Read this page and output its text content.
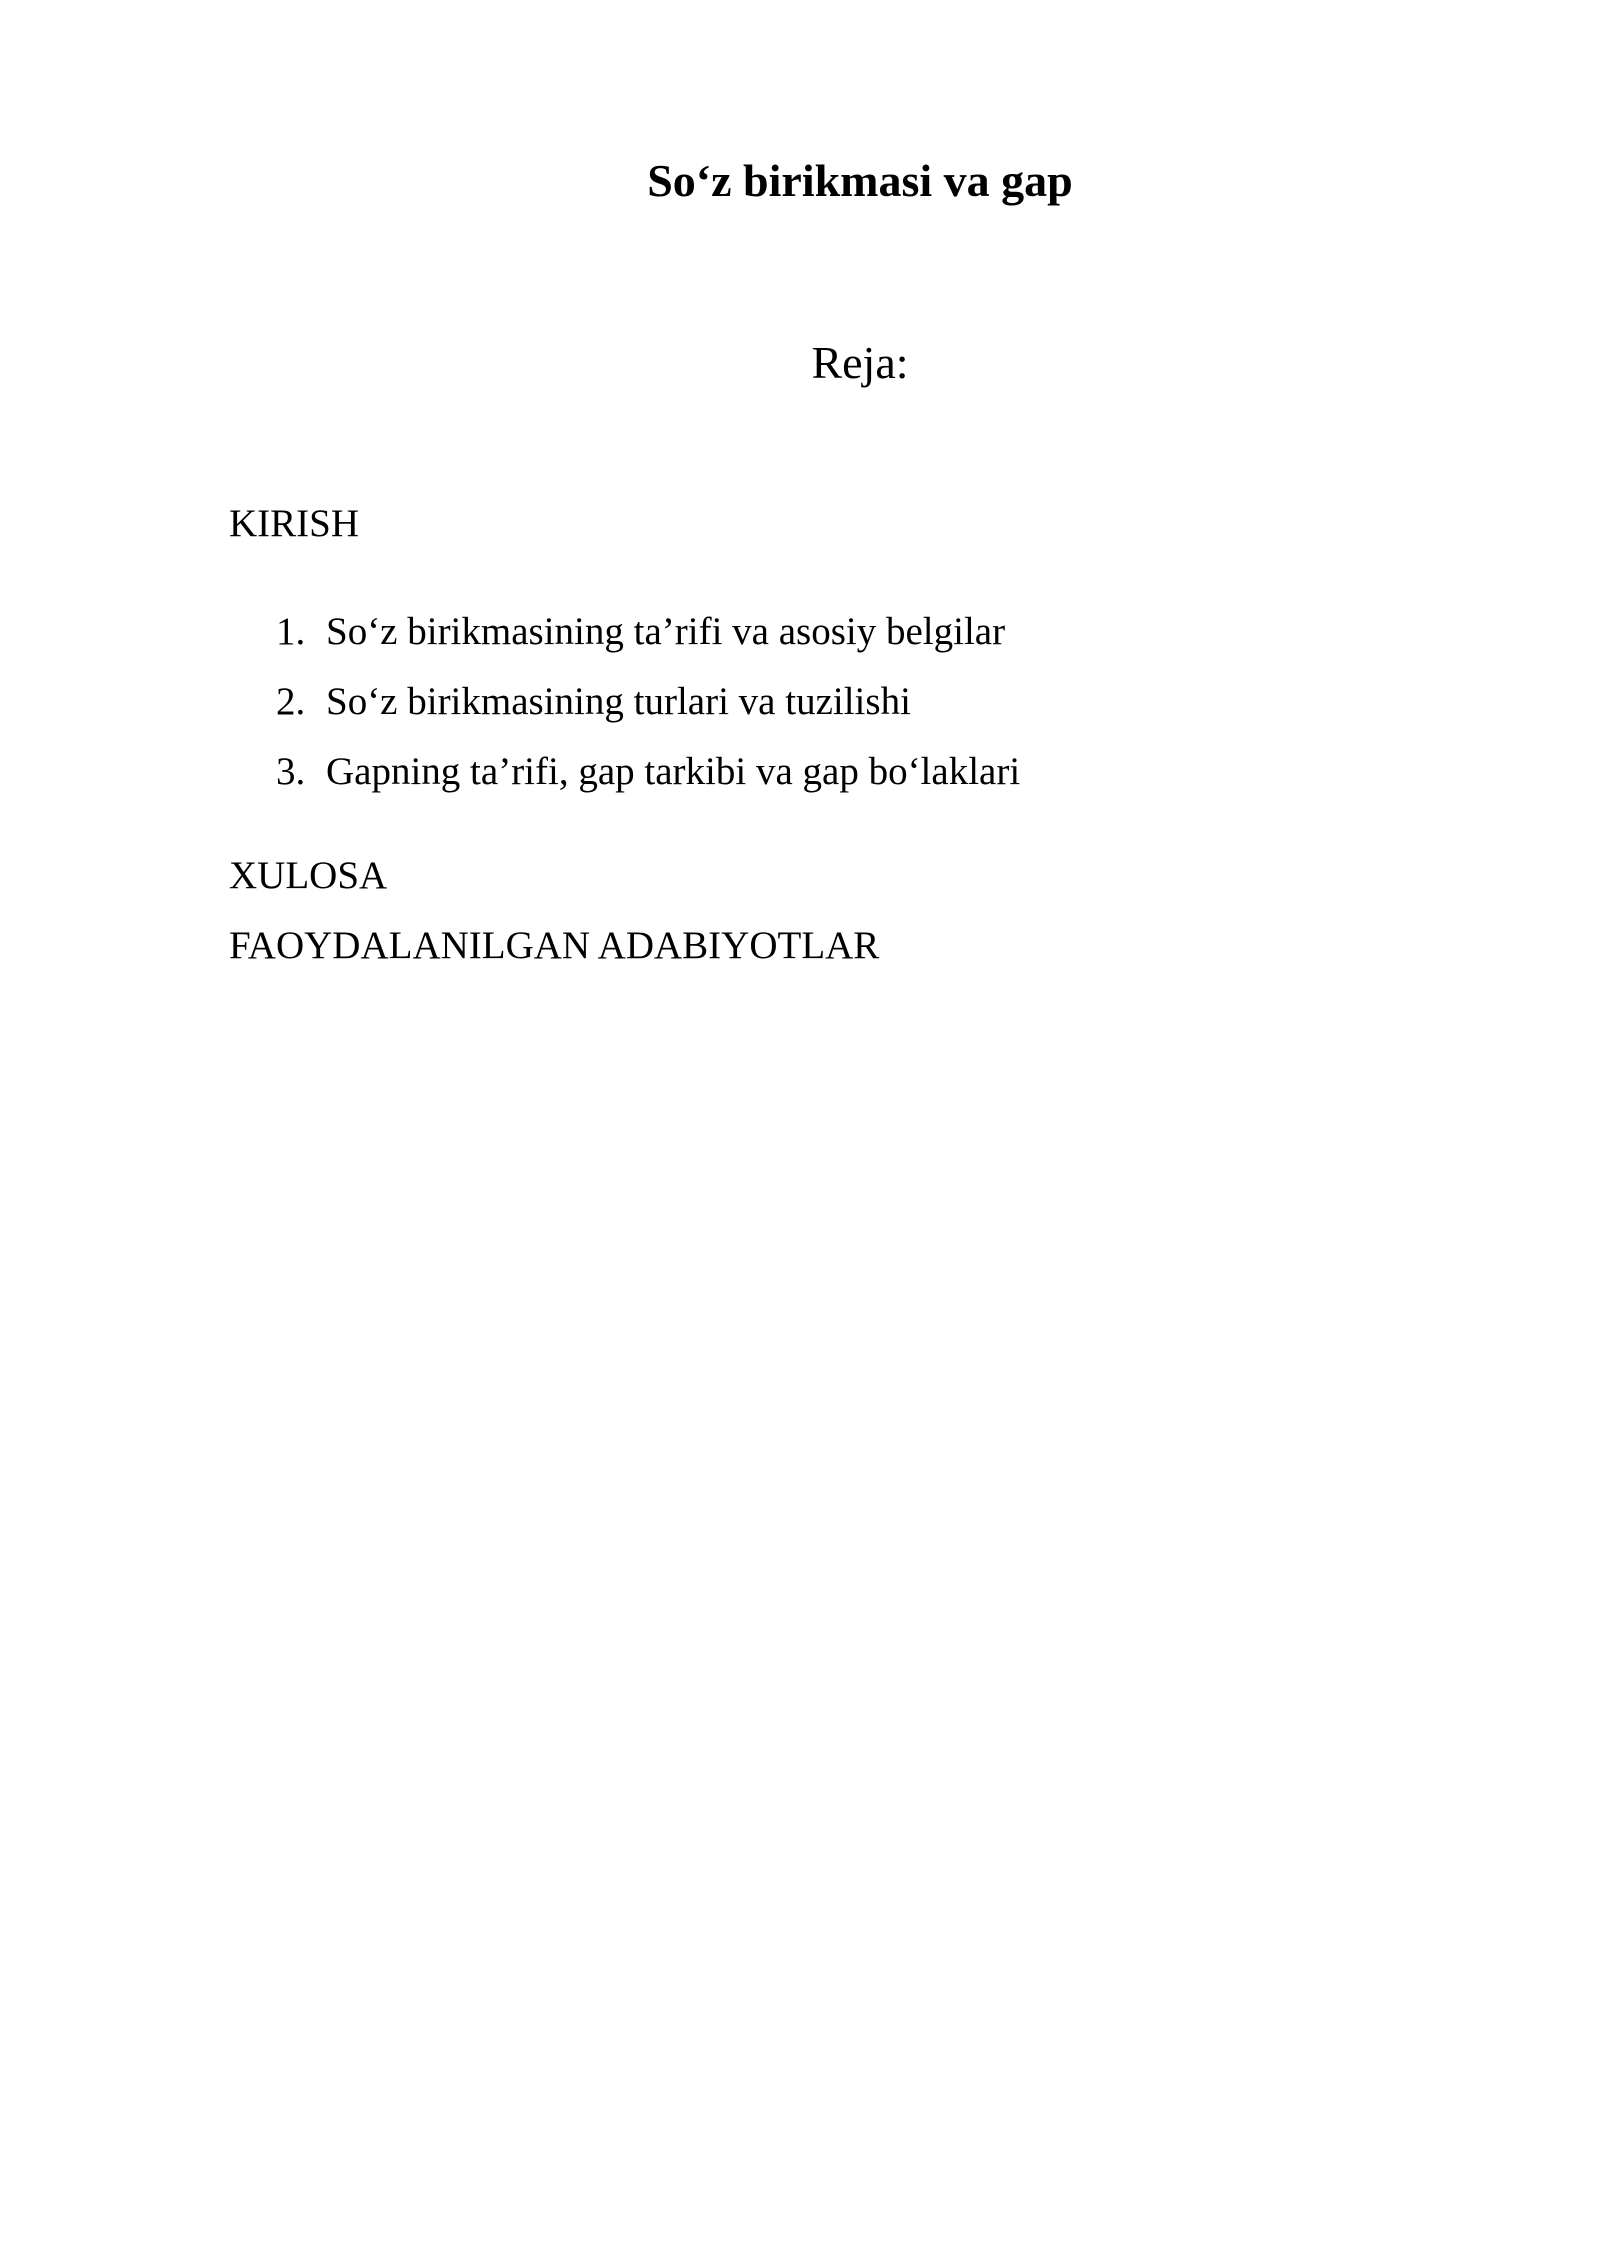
So‘z birikmasi va gap
Reja:
KIRISH
1. So‘z birikmasining ta’rifi va asosiy belgilar
2. So‘z birikmasining turlari va tuzilishi
3. Gapning ta’rifi, gap tarkibi va gap bo‘laklari
XULOSA
FAOYDALANILGAN ADABIYOTLAR
